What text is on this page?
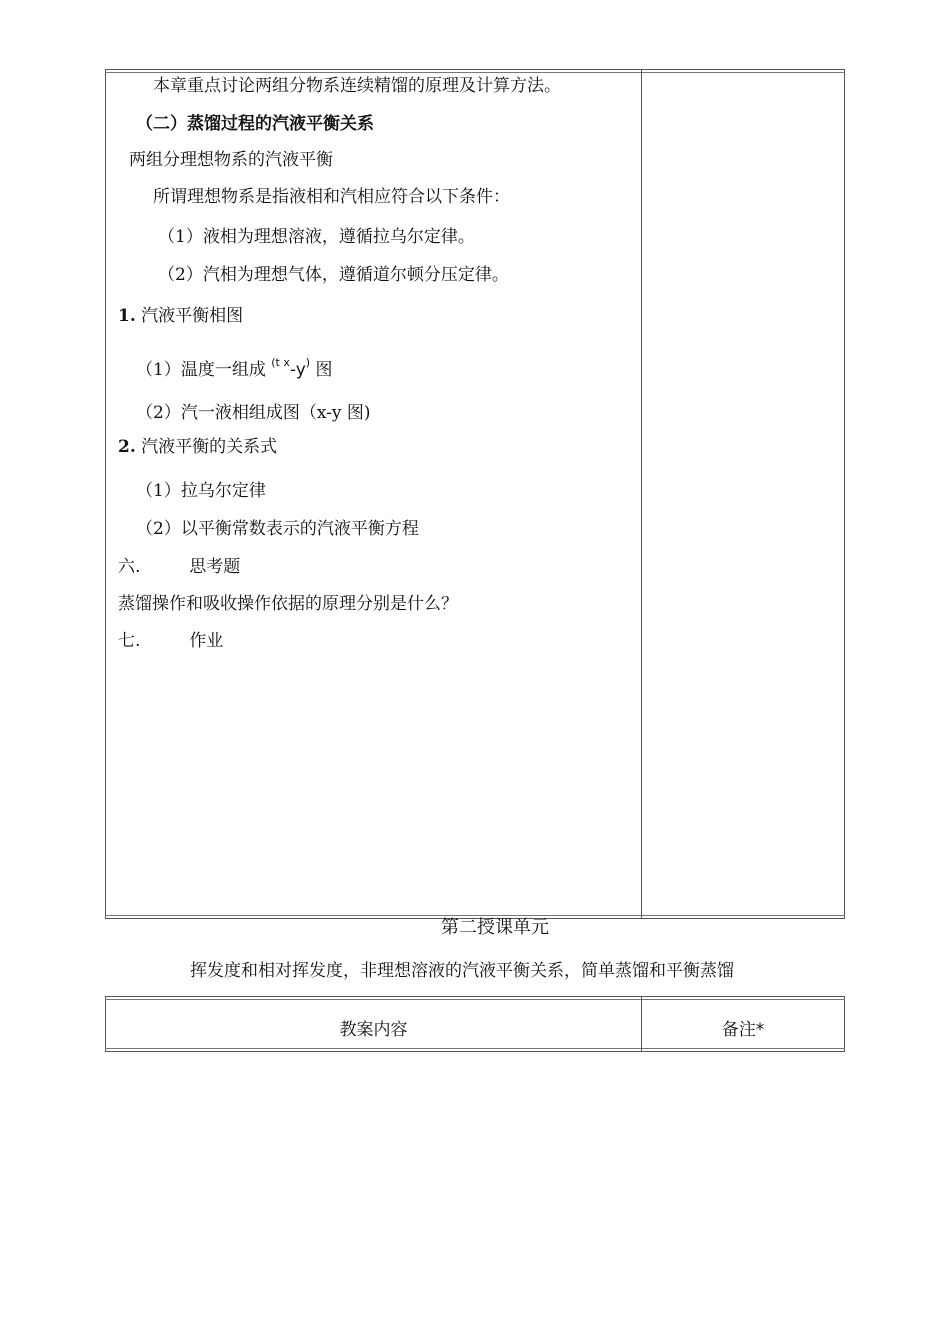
本章重点讨论两组分物系连续精馏的原理及计算方法。
（二）蒸馏过程的汽液平衡关系
两组分理想物系的汽液平衡
所谓理想物系是指液相和汽相应符合以下条件：
（1）液相为理想溶液，遵循拉乌尔定律。
（2）汽相为理想气体，遵循道尔顿分压定律。
1. 汽液平衡相图
（1）温度一组成 $^{(t x}$-y) 图
（2）汽一液相组成图（x-y 图)
2. 汽液平衡的关系式
（1）拉乌尔定律
（2）以平衡常数表示的汽液平衡方程
六.	思考题
蒸馏操作和吸收操作依据的原理分别是什么？
七.	作业
第二授课单元
挥发度和相对挥发度，非理想溶液的汽液平衡关系，简单蒸馏和平衡蒸馏
教案内容	备注*
